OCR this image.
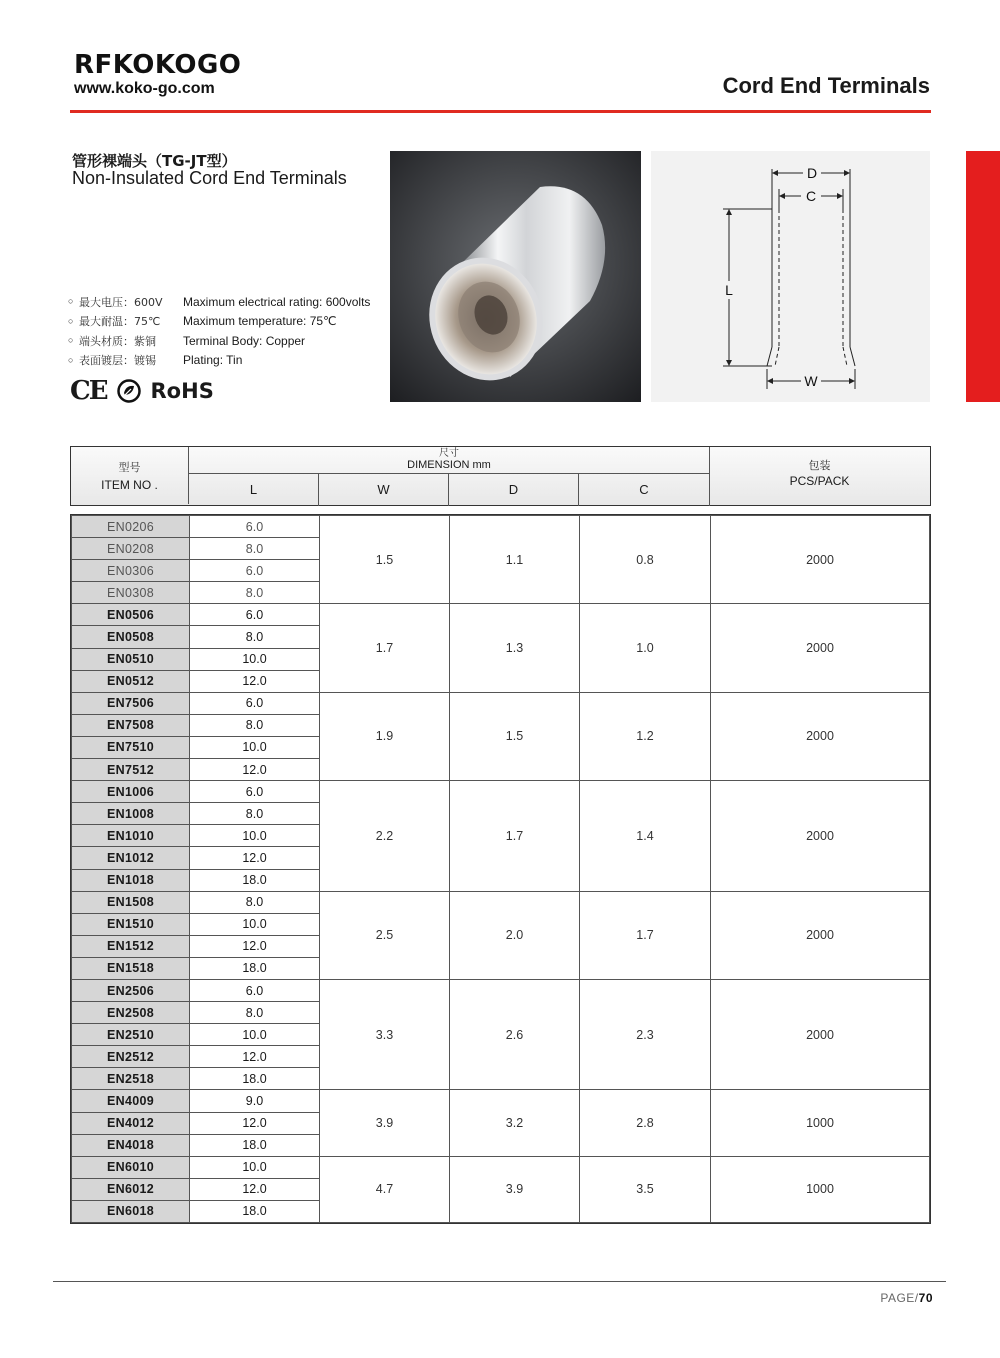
RFKOKOGO
www.koko-go.com	Cord End Terminals
管形裸端头（TG-JT型）
Non-Insulated Cord End Terminals
○ 最大电压：600V	Maximum electrical rating: 600volts
○ 最大耐温：75℃	Maximum temperature: 75℃
○ 端头材质：紫铜	Terminal Body: Copper
○ 表面镀层：镀锡	Plating: Tin
CE RoHS
D
C
L
W
型号
ITEM NO .
尺寸
DIMENSION mm
L	W	D	C
包装
PCS/PACK
EN0206	6.0	1.5	1.1	0.8	2000
EN0208	8.0				
EN0306	6.0				
EN0308	8.0				
EN0506	6.0	1.7	1.3	1.0	2000
EN0508	8.0				
EN0510	10.0				
EN0512	12.0				
EN7506	6.0	1.9	1.5	1.2	2000
EN7508	8.0				
EN7510	10.0				
EN7512	12.0				
EN1006	6.0	2.2	1.7	1.4	2000
EN1008	8.0				
EN1010	10.0				
EN1012	12.0				
EN1018	18.0				
EN1508	8.0	2.5	2.0	1.7	2000
EN1510	10.0				
EN1512	12.0				
EN1518	18.0				
EN2506	6.0	3.3	2.6	2.3	2000
EN2508	8.0				
EN2510	10.0				
EN2512	12.0				
EN2518	18.0				
EN4009	9.0	3.9	3.2	2.8	1000
EN4012	12.0				
EN4018	18.0				
EN6010	10.0	4.7	3.9	3.5	1000
EN6012	12.0				
EN6018	18.0				
PAGE/70
